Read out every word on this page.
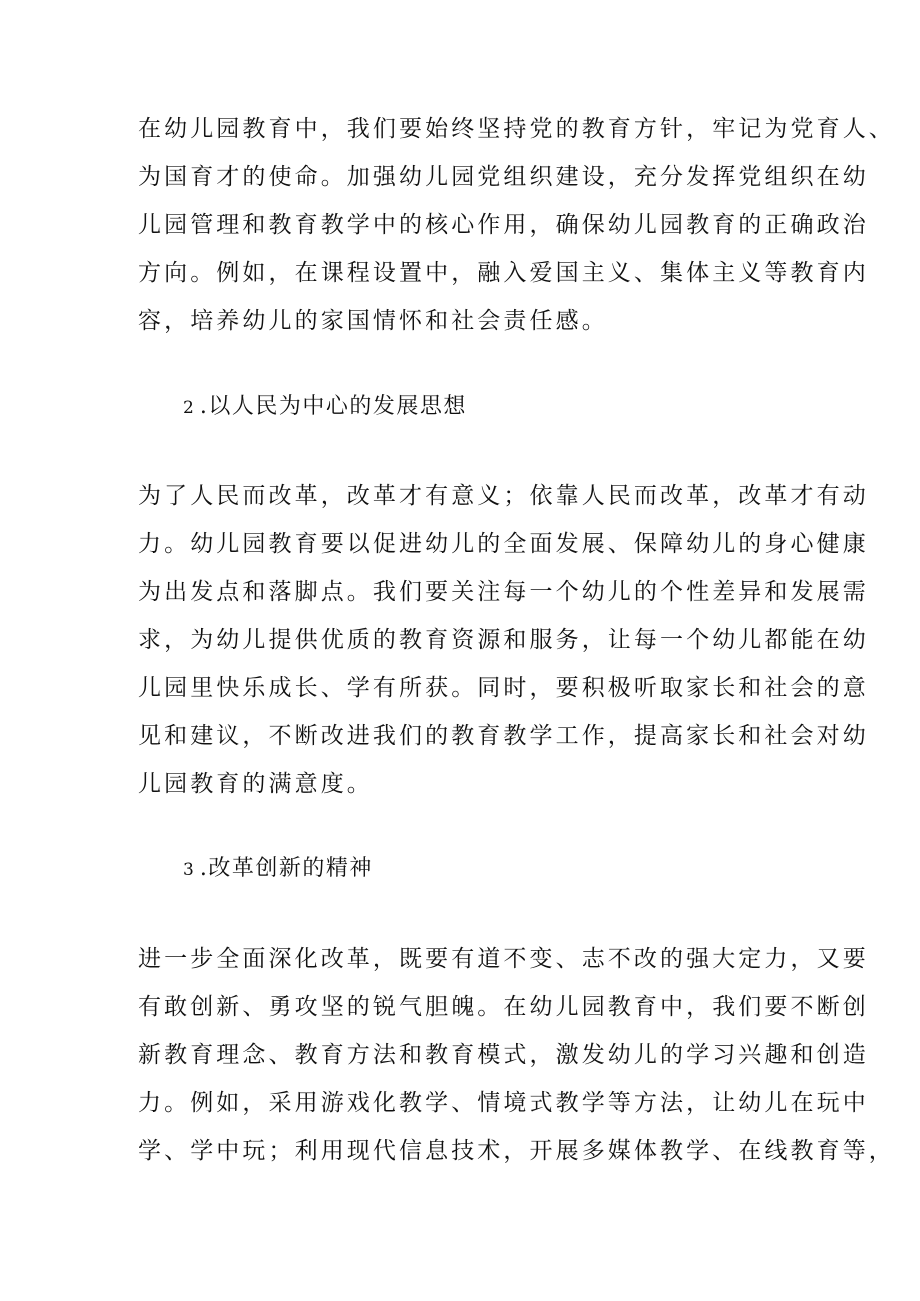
在幼儿园教育中，我们要始终坚持党的教育方针，牢记为党育人、
为国育才的使命。加强幼儿园党组织建设，充分发挥党组织在幼
儿园管理和教育教学中的核心作用，确保幼儿园教育的正确政治
方向。例如，在课程设置中，融入爱国主义、集体主义等教育内
容，培养幼儿的家国情怀和社会责任感。
2 .以人民为中心的发展思想
为了人民而改革，改革才有意义；依靠人民而改革，改革才有动
力。幼儿园教育要以促进幼儿的全面发展、保障幼儿的身心健康
为出发点和落脚点。我们要关注每一个幼儿的个性差异和发展需
求，为幼儿提供优质的教育资源和服务，让每一个幼儿都能在幼
儿园里快乐成长、学有所获。同时，要积极听取家长和社会的意
见和建议，不断改进我们的教育教学工作，提高家长和社会对幼
儿园教育的满意度。
3 .改革创新的精神
进一步全面深化改革，既要有道不变、志不改的强大定力，又要
有敢创新、勇攻坚的锐气胆魄。在幼儿园教育中，我们要不断创
新教育理念、教育方法和教育模式，激发幼儿的学习兴趣和创造
力。例如，采用游戏化教学、情境式教学等方法，让幼儿在玩中
学、学中玩；利用现代信息技术，开展多媒体教学、在线教育等，
